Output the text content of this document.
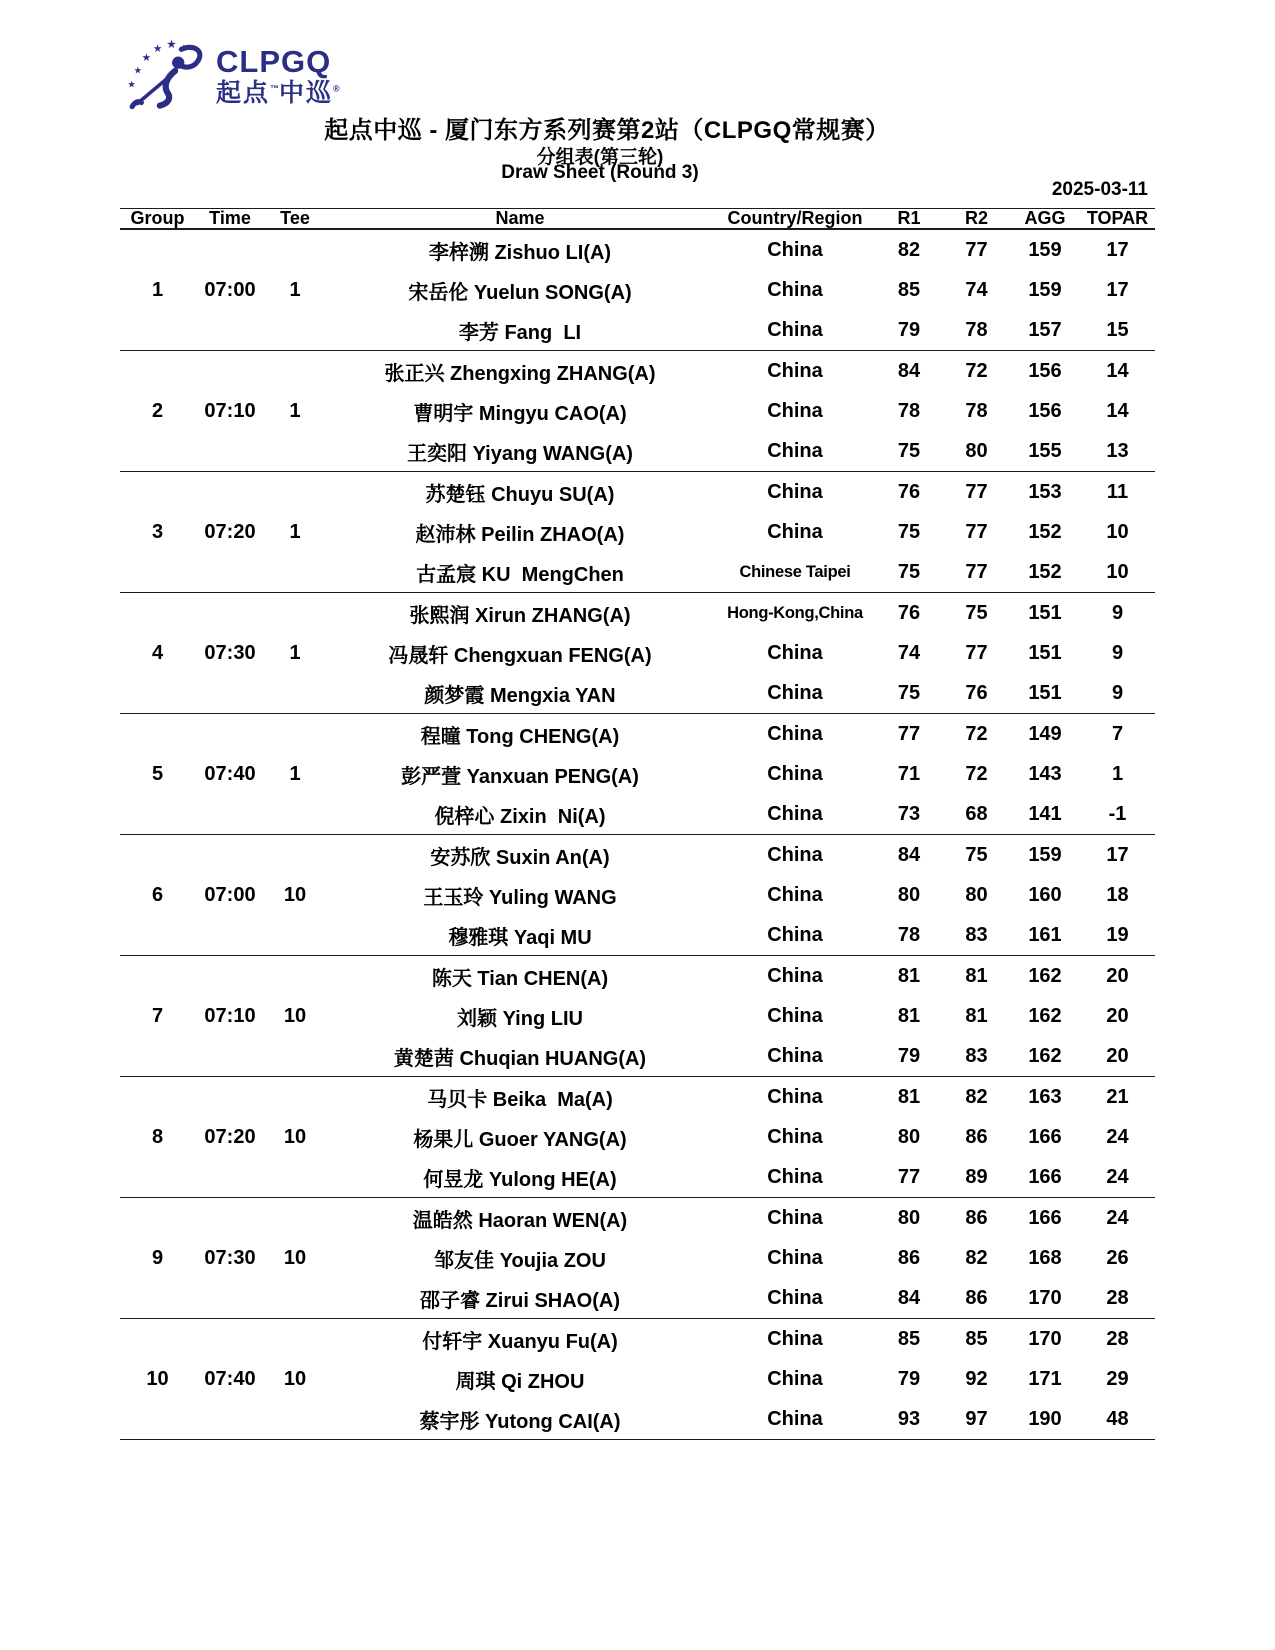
★
★
★
★ ★ ★ CLPGQ
起点™中巡®
起点中巡 - 厦门东方系列赛第2站（CLPGQ常规赛）
分组表(第三轮)
Draw Sheet (Round 3)
2025-03-11
Group	Time	Tee	Name	Country/Region	R1	R2	AGG	TOPAR
			李梓溯 Zishuo LI(A)	China	82	77	159	17
1	07:00	1	宋岳伦 Yuelun SONG(A)	China	85	74	159	17
			李芳 Fang  LI	China	79	78	157	15
			张正兴 Zhengxing ZHANG(A)	China	84	72	156	14
2	07:10	1	曹明宇 Mingyu CAO(A)	China	78	78	156	14
			王奕阳 Yiyang WANG(A)	China	75	80	155	13
			苏楚钰 Chuyu SU(A)	China	76	77	153	11
3	07:20	1	赵沛林 Peilin ZHAO(A)	China	75	77	152	10
			古孟宸 KU  MengChen	Chinese Taipei	75	77	152	10
			张熙润 Xirun ZHANG(A)	Hong-Kong,China	76	75	151	9
4	07:30	1	冯晟轩 Chengxuan FENG(A)	China	74	77	151	9
			颜梦霞 Mengxia YAN	China	75	76	151	9
			程曈 Tong CHENG(A)	China	77	72	149	7
5	07:40	1	彭严萱 Yanxuan PENG(A)	China	71	72	143	1
			倪梓心 Zixin  Ni(A)	China	73	68	141	-1
			安苏欣 Suxin An(A)	China	84	75	159	17
6	07:00	10	王玉玲 Yuling WANG	China	80	80	160	18
			穆雅琪 Yaqi MU	China	78	83	161	19
			陈天 Tian CHEN(A)	China	81	81	162	20
7	07:10	10	刘颖 Ying LIU	China	81	81	162	20
			黄楚茜 Chuqian HUANG(A)	China	79	83	162	20
			马贝卡 Beika  Ma(A)	China	81	82	163	21
8	07:20	10	杨果儿 Guoer YANG(A)	China	80	86	166	24
			何昱龙 Yulong HE(A)	China	77	89	166	24
			温皓然 Haoran WEN(A)	China	80	86	166	24
9	07:30	10	邹友佳 Youjia ZOU	China	86	82	168	26
			邵子睿 Zirui SHAO(A)	China	84	86	170	28
			付轩宇 Xuanyu Fu(A)	China	85	85	170	28
10	07:40	10	周琪 Qi ZHOU	China	79	92	171	29
			蔡宇彤 Yutong CAI(A)	China	93	97	190	48
